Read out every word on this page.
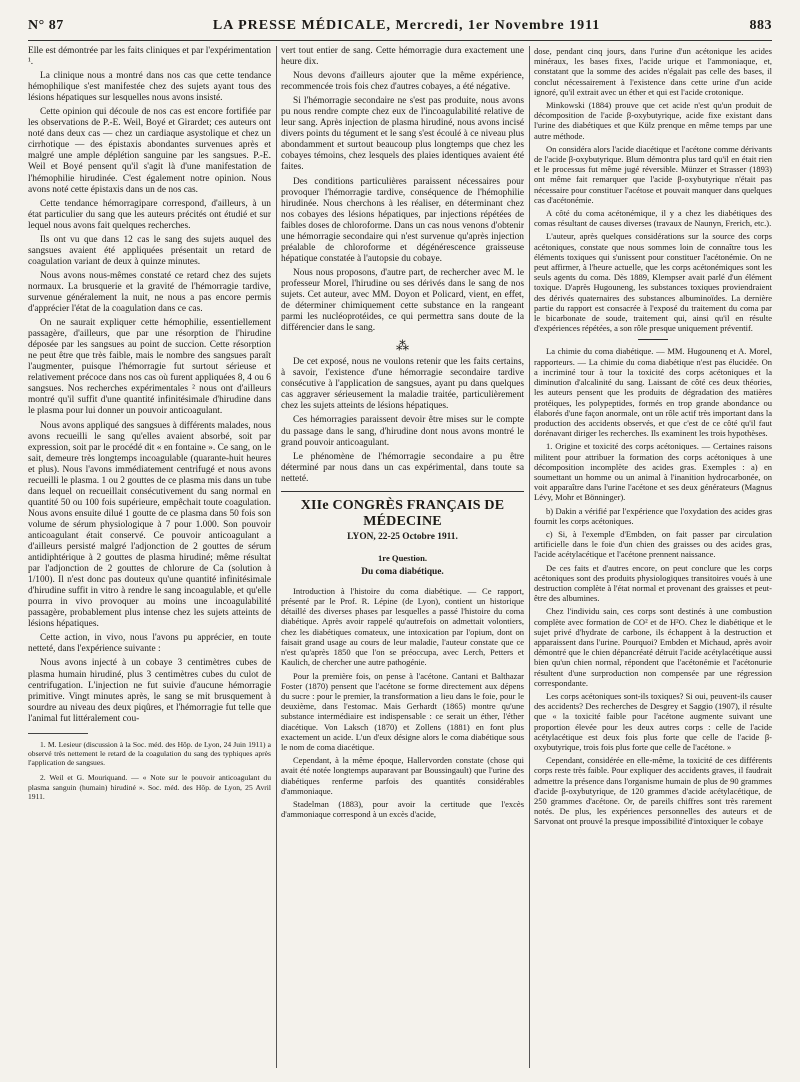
N° 87	LA PRESSE MÉDICALE, Mercredi, 1er Novembre 1911	883

Elle est démontrée par les faits cliniques et par l'expérimentation ¹.

La clinique nous a montré dans nos cas que cette tendance hémophilique s'est manifestée chez des sujets ayant tous des lésions hépatiques sur lesquelles nous avons insisté.

Cette opinion qui découle de nos cas est encore fortifiée par les observations de P.-E. Weil, Boyé et Girardet; ces auteurs ont noté dans deux cas — chez un cardiaque asystolique et chez un cirrhotique — des épistaxis abondantes survenues après et malgré une ample déplétion sanguine par les sangsues. P.-E. Weil et Boyé pensent qu'il s'agit là d'une manifestation de l'hémophilie hirudinée. C'est également notre opinion. Nous avons noté cette épistaxis dans un de nos cas.

Cette tendance hémorragipare correspond, d'ailleurs, à un état particulier du sang que les auteurs précités ont étudié et sur lequel nous avons fait quelques recherches.

Ils ont vu que dans 12 cas le sang des sujets auquel des sangsues avaient été appliquées présentait un retard de coagulation variant de deux à quinze minutes.

Nous avons nous-mêmes constaté ce retard chez des sujets normaux. La brusquerie et la gravité de l'hémorragie tardive, survenue généralement la nuit, ne nous a pas encore permis d'apprécier l'état de la coagulation dans ce cas.

On ne saurait expliquer cette hémophilie, essentiellement passagère, d'ailleurs, que par une résorption de l'hirudine déposée par les sangsues au point de succion. Cette résorption ne peut être que très faible, mais le nombre des sangsues paraît l'augmenter, puisque l'hémorragie fut surtout sérieuse et relativement précoce dans nos cas où furent appliquées 8, 4 ou 6 sangsues. Nos recherches expérimentales ² nous ont d'ailleurs montré qu'il suffit d'une quantité infinitésimale d'hirudine dans le plasma pour lui donner un pouvoir anticoagulant.

Nous avons appliqué des sangsues à différents malades, nous avons recueilli le sang qu'elles avaient absorbé, soit par expression, soit par le procédé dit « en fontaine ». Ce sang, on le sait, demeure très longtemps incoagulable (quarante-huit heures et plus). Nous l'avons immédiatement centrifugé et nous avons recueilli le plasma. 1 ou 2 gouttes de ce plasma mis dans un tube dans lequel on recueillait consécutivement du sang normal en quantité 50 ou 100 fois supérieure, empêchait toute coagulation. Nous avons ensuite dilué 1 goutte de ce plasma dans 50 fois son volume de sérum physiologique à 7 pour 1.000. Son pouvoir anticoagulant était conservé. Ce pouvoir anticoagulant a d'ailleurs persisté malgré l'adjonction de 2 gouttes de sérum antidiphtérique à 2 gouttes de plasma hirudiné; même résultat par l'adjonction de 2 gouttes de chlorure de Ca (solution à 1/100). Il n'est donc pas douteux qu'une quantité infinitésimale d'hirudine suffit in vitro à rendre le sang incoagulable, et qu'elle pourra in vivo provoquer au moins une incoagulabilité passagère, probablement plus intense chez les sujets atteints de lésions hépatiques.

Cette action, in vivo, nous l'avons pu apprécier, en toute netteté, dans l'expérience suivante :

Nous avons injecté à un cobaye 3 centimètres cubes de plasma humain hirudiné, plus 3 centimètres cubes du culot de centrifugation. L'injection ne fut suivie d'aucune hémorragie primitive. Vingt minutes après, le sang se mit brusquement à sourdre au niveau des deux piqûres, et l'hémorragie fut telle que l'animal fut littéralement cou-

1. M. Lesieur (discussion à la Soc. méd. des Hôp. de Lyon, 24 Juin 1911) a observé très nettement le retard de la coagulation du sang des typhiques après l'application de sangsues.

2. Weil et G. Mouriquand. — « Note sur le pouvoir anticoagulant du plasma sanguin (humain) hirudiné ». Soc. méd. des Hôp. de Lyon, 25 Avril 1911.

vert tout entier de sang. Cette hémorragie dura exactement une heure dix.

Nous devons d'ailleurs ajouter que la même expérience, recommencée trois fois chez d'autres cobayes, a été négative.

Si l'hémorragie secondaire ne s'est pas produite, nous avons pu nous rendre compte chez eux de l'incoagulabilité relative de leur sang. Après injection de plasma hirudiné, nous avons incisé divers points du tégument et le sang s'est écoulé à ce niveau plus abondamment et surtout beaucoup plus longtemps que chez les cobayes témoins, chez lesquels des plaies identiques avaient été faites.

Des conditions particulières paraissent nécessaires pour provoquer l'hémorragie tardive, conséquence de l'hémophilie hirudinée. Nous cherchons à les réaliser, en déterminant chez nos cobayes des lésions hépatiques, par injections répétées de faibles doses de chloroforme. Dans un cas nous venons d'obtenir une hémorragie secondaire qui n'est survenue qu'après injection préalable de chloroforme et dégénérescence graisseuse hépatique constatée à l'autopsie du cobaye.

Nous nous proposons, d'autre part, de rechercher avec M. le professeur Morel, l'hirudine ou ses dérivés dans le sang de nos sujets. Cet auteur, avec MM. Doyon et Policard, vient, en effet, de déterminer chimiquement cette substance en la rangeant parmi les nucléoprotéides, ce qui permettra sans doute de la différencier dans le sang.

⁂

De cet exposé, nous ne voulons retenir que les faits certains, à savoir, l'existence d'une hémorragie secondaire tardive consécutive à l'application de sangsues, ayant pu dans quelques cas aggraver sérieusement la maladie traitée, particulièrement chez les sujets atteints de lésions hépatiques.

Ces hémorragies paraissent devoir être mises sur le compte du passage dans le sang, d'hirudine dont nous avons montré le grand pouvoir anticoagulant.

Le phénomène de l'hémorragie secondaire a pu être déterminé par nous dans un cas expérimental, dans toute sa netteté.

XIIe CONGRÈS FRANÇAIS DE MÉDECINE
LYON, 22-25 Octobre 1911.
1re Question.
Du coma diabétique.

Introduction à l'histoire du coma diabétique. — Ce rapport, présenté par le Prof. R. Lépine (de Lyon), contient un historique détaillé des diverses phases par lesquelles a passé l'histoire du coma diabétique. Après avoir rappelé qu'autrefois on admettait volontiers, chez les diabétiques comateux, une intoxication par l'opium, dont on faisait grand usage au cours de leur maladie, l'auteur constate que ce n'est qu'après 1850 que l'on se préoccupa, avec Lerch, Petters et Kaulich, de chercher une autre pathogénie.

Pour la première fois, on pense à l'acétone. Cantani et Balthazar Foster (1870) pensent que l'acétone se forme directement aux dépens du sucre : pour le premier, la transformation a lieu dans le foie, pour le deuxième, dans l'estomac. Mais Gerhardt (1865) montre qu'une substance intermédiaire est indispensable : ce serait un éther, l'éther diacétique. Von Laksch (1870) et Zollens (1881) en font plus exactement un acide. L'un d'eux désigne alors le coma diabétique sous le nom de coma diacétique.

Cependant, à la même époque, Hallervorden constate (chose qui avait été notée longtemps auparavant par Boussingault) que l'urine des diabétiques renferme parfois des quantités considérables d'ammoniaque.

Stadelman (1883), pour avoir la certitude que l'excès d'ammoniaque correspond à un excès d'acide,

dose, pendant cinq jours, dans l'urine d'un acétonique les acides minéraux, les bases fixes, l'acide urique et l'ammoniaque, et, constatant que la somme des acides n'égalait pas celle des bases, il conclut nécessairement à l'existence dans cette urine d'un acide ignoré, qu'il extrait avec un éther et qui est l'acide crotonique.

Minkowski (1884) prouve que cet acide n'est qu'un produit de décomposition de l'acide β-oxybutyrique, acide fixe existant dans l'urine des diabétiques et que Külz prenque en même temps par une autre méthode.

On considéra alors l'acide diacétique et l'acétone comme dérivants de l'acide β-oxybutyrique. Blum démontra plus tard qu'il en était rien et le processus fut même jugé réversible. Münzer et Strasser (1893) ont même fait remarquer que l'acide β-oxybutyrique n'était pas nécessaire pour constituer l'acétose et pouvait manquer dans quelques cas d'acétonémie.

A côté du coma acétonémique, il y a chez les diabétiques des comas résultant de causes diverses (travaux de Naunyn, Frerich, etc.).

L'auteur, après quelques considérations sur la source des corps acétoniques, constate que nous sommes loin de connaître tous les éléments toxiques qui s'unissent pour constituer l'acétonémie. On ne peut affirmer, à l'heure actuelle, que les corps acétonémiques sont les seuls agents du coma. Dès 1889, Klempser avait parlé d'un élément toxique. D'après Hugouneng, les substances toxiques proviendraient des dérivés quaternaires des substances albuminoïdes. La dernière partie du rapport est consacrée à l'exposé du traitement du coma par le bicarbonate de soude, traitement qui, ainsi qu'il en résulte d'expériences répétées, a son rôle presque uniquement préventif.

La chimie du coma diabétique. — MM. Hugounenq et A. Morel, rapporteurs. — La chimie du coma diabétique n'est pas élucidée. On a incriminé tour à tour la toxicité des corps acétoniques et la diminution d'alcalinité du sang. Laissant de côté ces deux théories, les auteurs pensent que les produits de dégradation des matières protéiques, les polypeptides, formés en trop grande abondance ou élaborés d'une façon anormale, ont un rôle actif très important dans la production des accidents observés, et que c'est de ce côté qu'il faut dorénavant diriger les recherches. Ils examinent les trois hypothèses.

1. Origine et toxicité des corps acétoniques. — Certaines raisons militent pour attribuer la formation des corps acétoniques à une décomposition incomplète des acides gras. Exemples : a) en soumettant un homme ou un animal à l'inanition hydrocarbonée, on voit apparaître dans l'urine l'acétone et ses deux générateurs (Magnus Lévy, Mohr et Bönninger).

b) Dakin a vérifié par l'expérience que l'oxydation des acides gras fournit les corps acétoniques.

c) Si, à l'exemple d'Embden, on fait passer par circulation artificielle dans le foie d'un chien des graisses ou des acides gras, l'acide acétylacétique et l'acétone prennent naissance.

De ces faits et d'autres encore, on peut conclure que les corps acétoniques sont des produits physiologiques transitoires voués à une destruction complète à l'état normal et provenant des graisses et peut-être des albumines.

Chez l'individu sain, ces corps sont destinés à une combustion complète avec formation de CO² et de H²O. Chez le diabétique et le sujet privé d'hydrate de carbone, ils échappent à la destruction et apparaissent dans l'urine. Pourquoi? Embden et Michaud, après avoir démontré que le chien dépancréaté détruit l'acide acétylacétique aussi bien qu'un chien normal, répondent que l'acétonémie et l'acétonurie résultent d'une surproduction non compensée par une régression correspondante.

Les corps acétoniques sont-ils toxiques? Si oui, peuvent-ils causer des accidents? Des recherches de Desgrey et Saggio (1907), il résulte que « la toxicité faible pour l'acétone augmente suivant une proportion élevée pour les deux autres corps : celle de l'acide acétylacétique est deux fois plus forte que celle de l'acide β-oxybutyrique, trois fois plus forte que celle de l'acétone. »

Cependant, considérée en elle-même, la toxicité de ces différents corps reste très faible. Pour expliquer des accidents graves, il faudrait admettre la présence dans l'organisme humain de plus de 90 grammes d'acide β-oxybutyrique, de 120 grammes d'acide acétylacétique, de 250 grammes d'acétone. Or, de pareils chiffres sont très rarement notés. De plus, les expériences personnelles des auteurs et de Sarvonat ont prouvé la presque impossibilité d'intoxiquer le cobaye
